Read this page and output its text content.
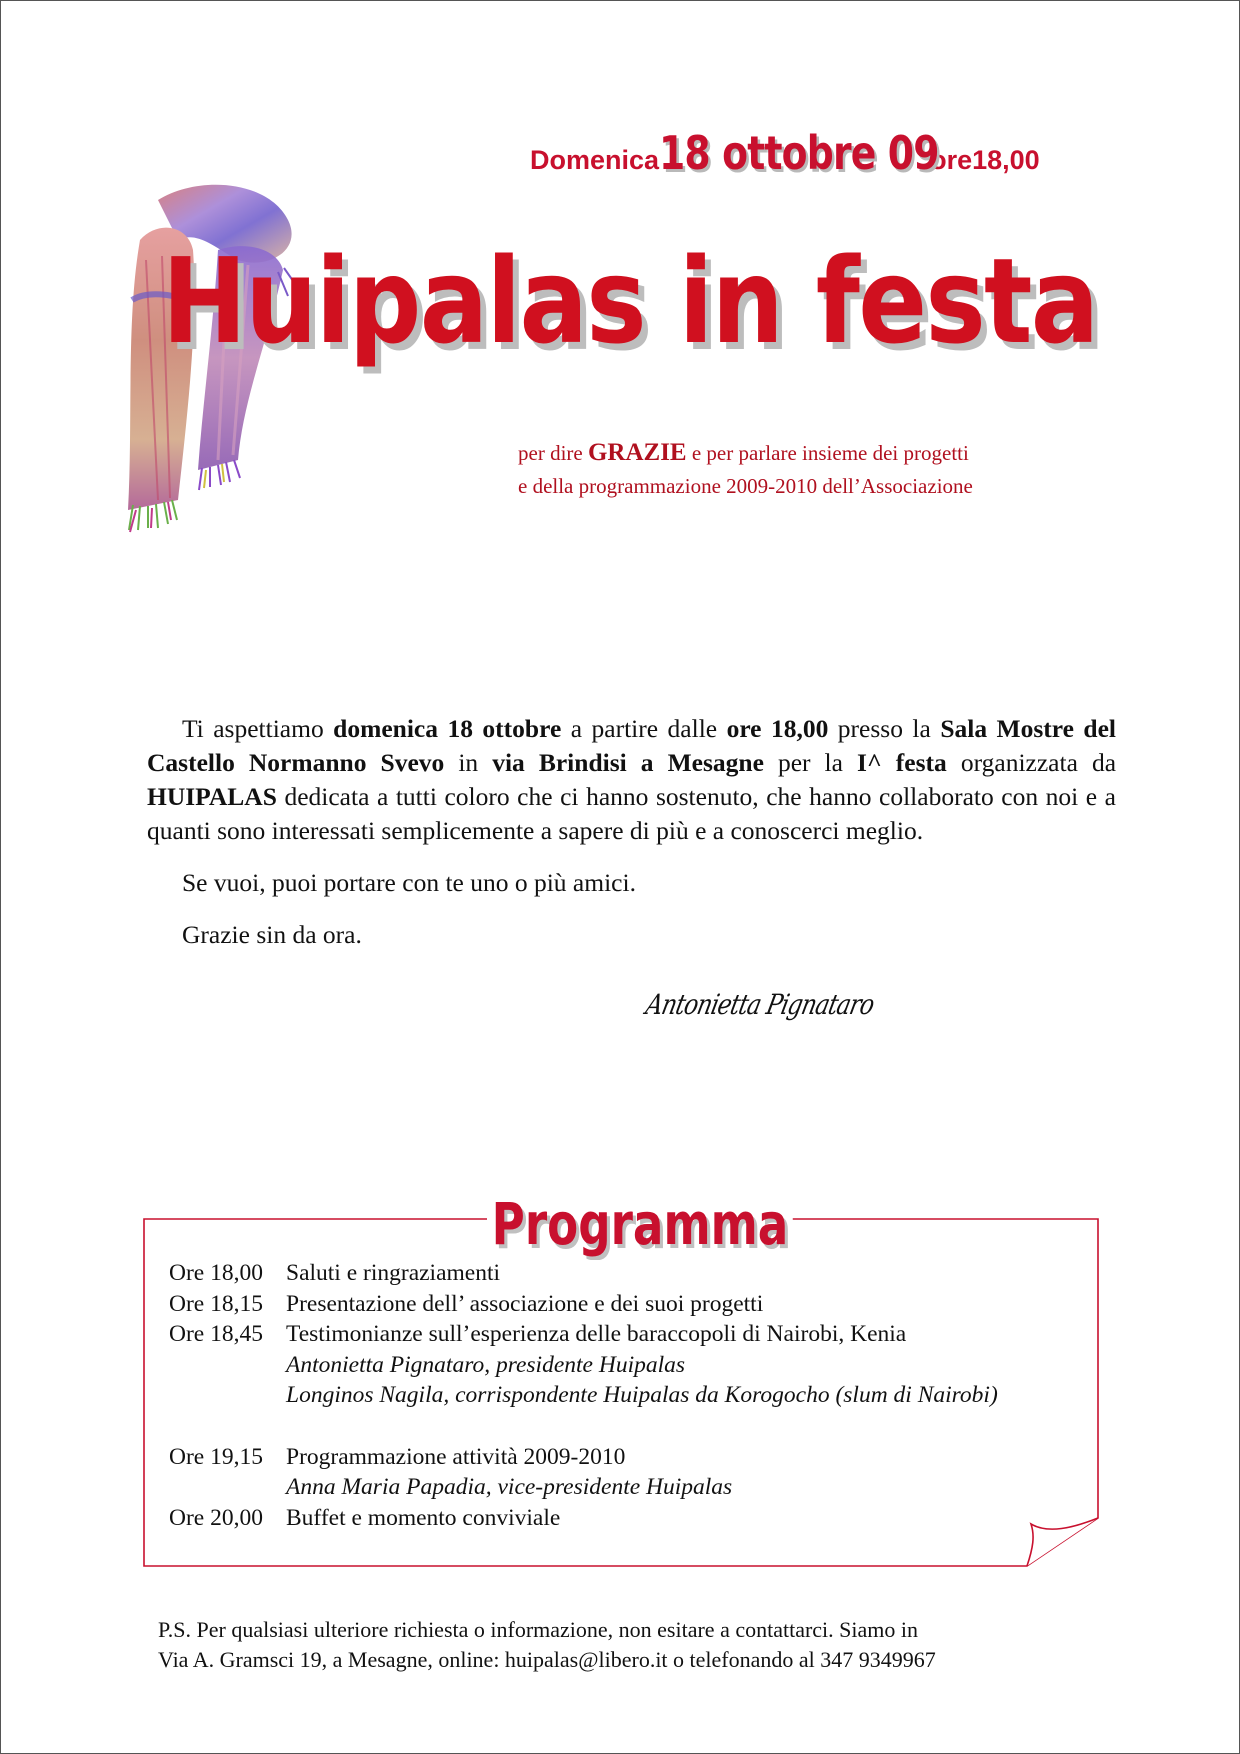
Domenica18 ottobre 09ore18,00
Huipalas in festa
per dire GRAZIE e per parlare insieme dei progetti
e della programmazione 2009-2010 dell’Associazione

Ti aspettiamo domenica 18 ottobre a partire dalle ore 18,00 presso la Sala Mostre del Castello Normanno Svevo in via Brindisi a Mesagne per la I^ festa organizzata da HUIPALAS dedicata a tutti coloro che ci hanno sostenuto, che hanno collaborato con noi e a quanti sono interessati semplicemente a sapere di più e a conoscerci meglio.

Se vuoi, puoi portare con te uno o più amici.

Grazie sin da ora.

Antonietta Pignataro
Programma
Ore 18,00 Saluti e ringraziamenti
Ore 18,15 Presentazione dell’ associazione e dei suoi progetti
Ore 18,45 Testimonianze sull’esperienza delle baraccopoli di Nairobi, Kenia
Antonietta Pignataro, presidente Huipalas
Longinos Nagila, corrispondente Huipalas da Korogocho (slum di Nairobi)
Ore 19,15 Programmazione attività 2009-2010
Anna Maria Papadia, vice-presidente Huipalas
Ore 20,00 Buffet e momento conviviale
P.S. Per qualsiasi ulteriore richiesta o informazione, non esitare a contattarci. Siamo in
Via A. Gramsci 19, a Mesagne, online: huipalas@libero.it o telefonando al 347 9349967
